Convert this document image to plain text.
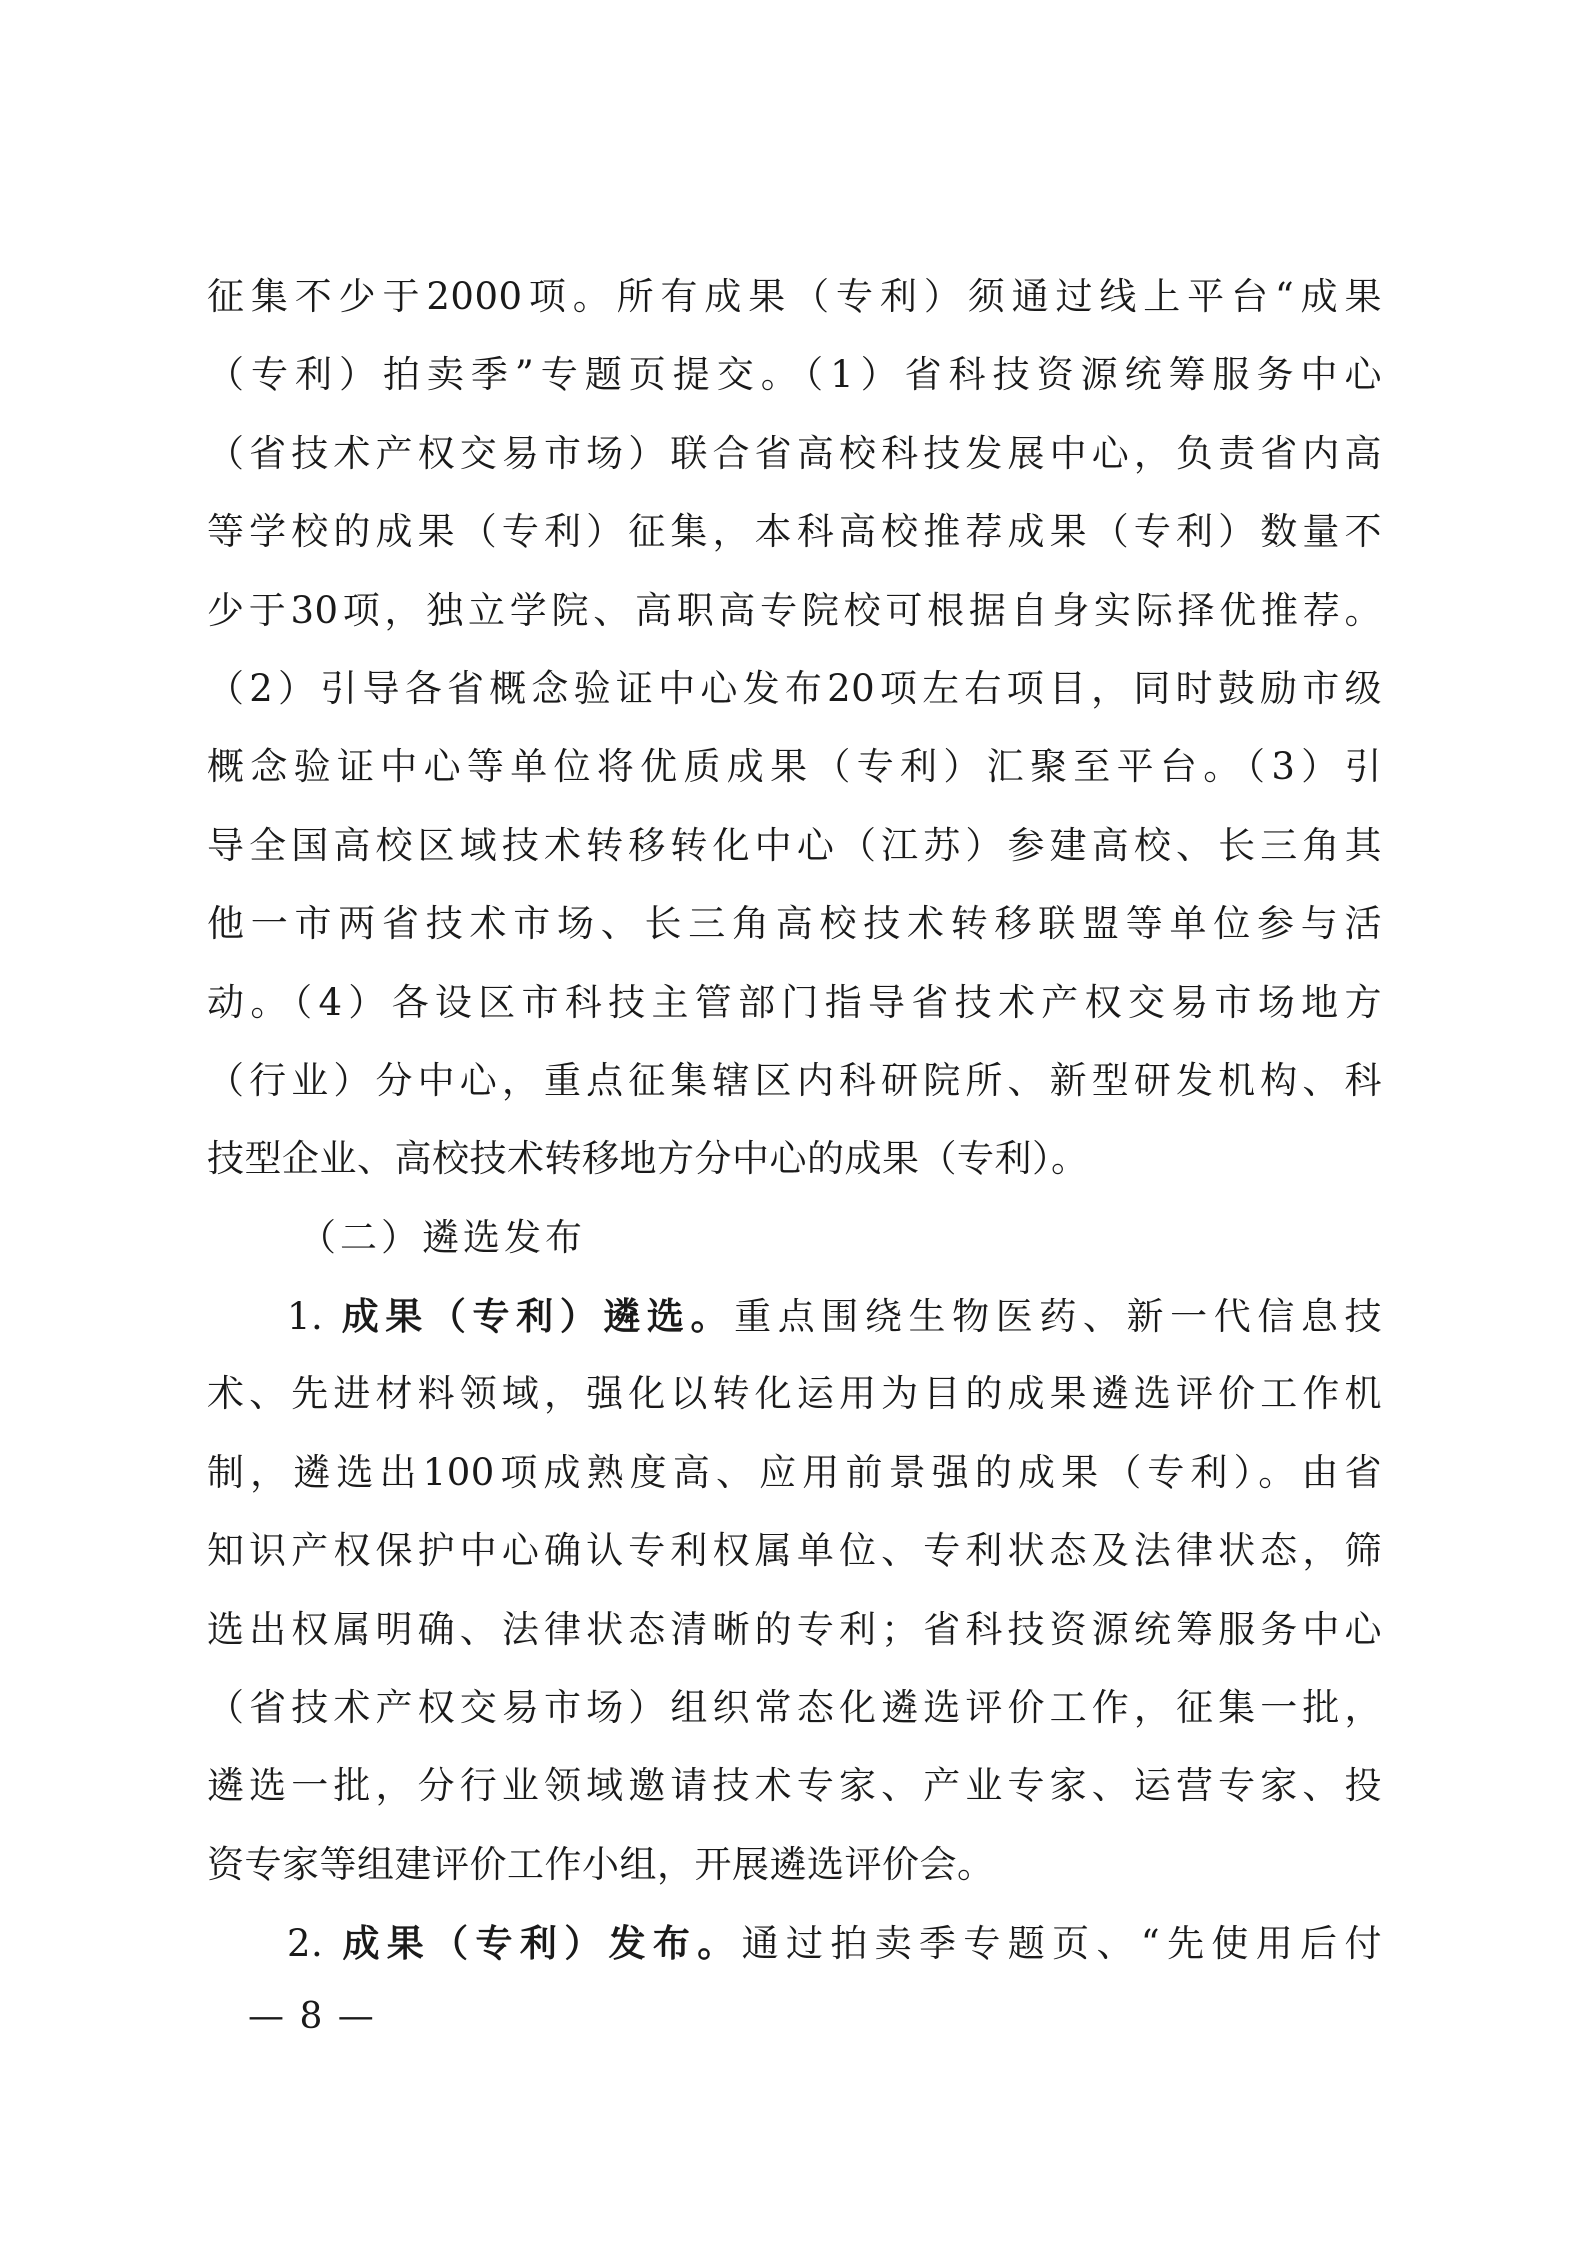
征集不少于2000项。所有成果（专利）须通过线上平台“成果
（专利）拍卖季”专题页提交。（1）省科技资源统筹服务中心
（省技术产权交易市场）联合省高校科技发展中心，负责省内高
等学校的成果（专利）征集，本科高校推荐成果（专利）数量不
少于30项，独立学院、高职高专院校可根据自身实际择优推荐。
（2）引导各省概念验证中心发布20项左右项目，同时鼓励市级
概念验证中心等单位将优质成果（专利）汇聚至平台。（3）引
导全国高校区域技术转移转化中心（江苏）参建高校、长三角其
他一市两省技术市场、长三角高校技术转移联盟等单位参与活
动。（4）各设区市科技主管部门指导省技术产权交易市场地方
（行业）分中心，重点征集辖区内科研院所、新型研发机构、科
技型企业、高校技术转移地方分中心的成果（专利）。
（二）遴选发布
1. 成果（专利）遴选。重点围绕生物医药、新一代信息技
术、先进材料领域，强化以转化运用为目的成果遴选评价工作机
制，遴选出100项成熟度高、应用前景强的成果（专利）。由省
知识产权保护中心确认专利权属单位、专利状态及法律状态，筛
选出权属明确、法律状态清晰的专利；省科技资源统筹服务中心
（省技术产权交易市场）组织常态化遴选评价工作，征集一批，
遴选一批，分行业领域邀请技术专家、产业专家、运营专家、投
资专家等组建评价工作小组，开展遴选评价会。
2. 成果（专利）发布。通过拍卖季专题页、“先使用后付
— 8 —
